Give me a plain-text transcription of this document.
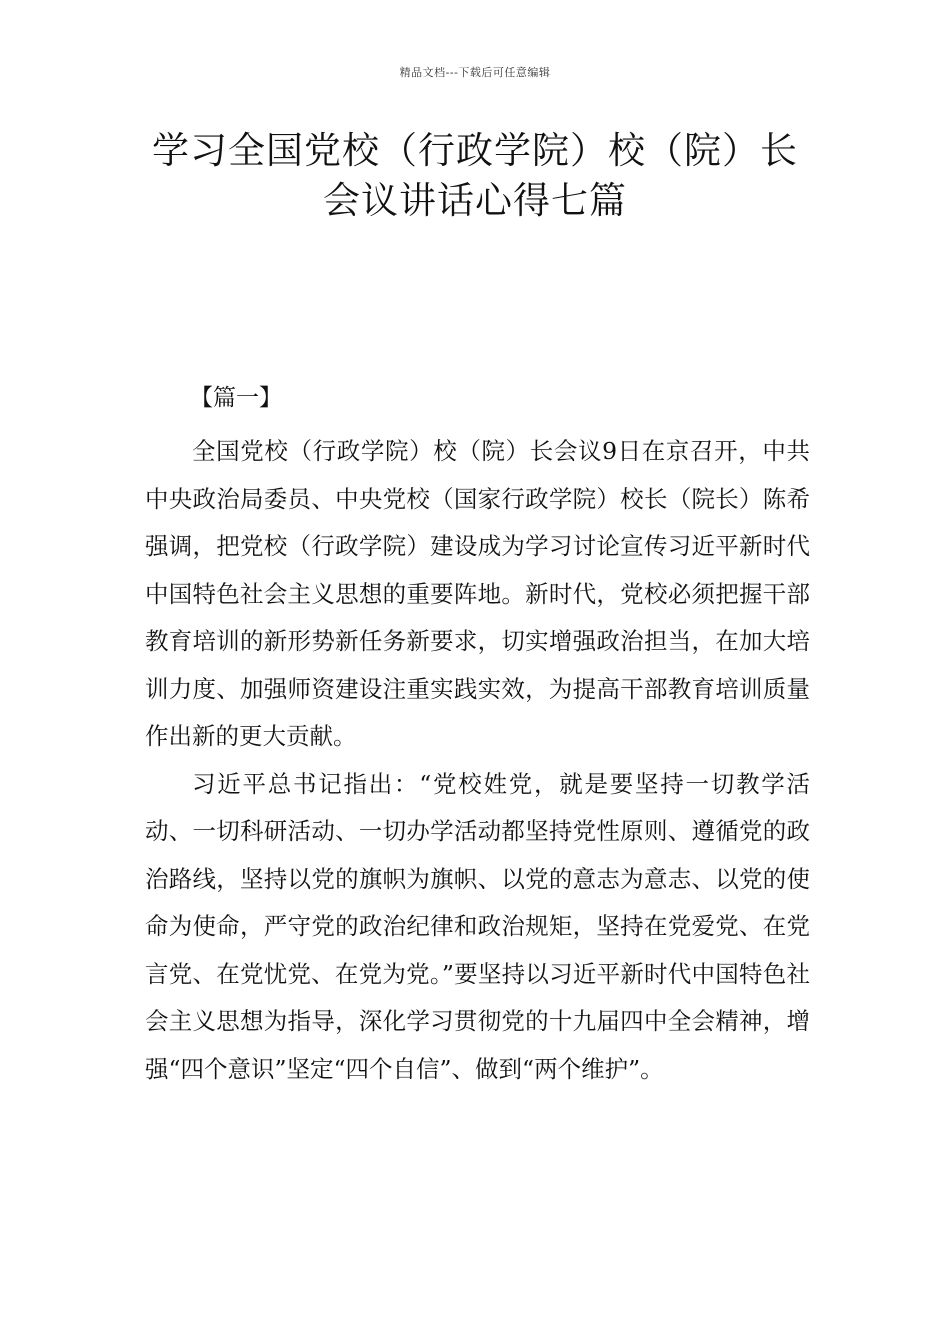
精品文档---下载后可任意编辑
学习全国党校（行政学院）校（院）长
会议讲话心得七篇
【篇一】

全国党校（行政学院）校（院）长会议9日在京召开，中共中央政治局委员、中央党校（国家行政学院）校长（院长）陈希强调，把党校（行政学院）建设成为学习讨论宣传习近平新时代中国特色社会主义思想的重要阵地。新时代，党校必须把握干部教育培训的新形势新任务新要求，切实增强政治担当，在加大培训力度、加强师资建设注重实践实效，为提高干部教育培训质量作出新的更大贡献。

习近平总书记指出：“党校姓党，就是要坚持一切教学活动、一切科研活动、一切办学活动都坚持党性原则、遵循党的政治路线，坚持以党的旗帜为旗帜、以党的意志为意志、以党的使命为使命，严守党的政治纪律和政治规矩，坚持在党爱党、在党言党、在党忧党、在党为党。”要坚持以习近平新时代中国特色社会主义思想为指导，深化学习贯彻党的十九届四中全会精神，增强“四个意识”坚定“四个自信”、做到“两个维护”。
